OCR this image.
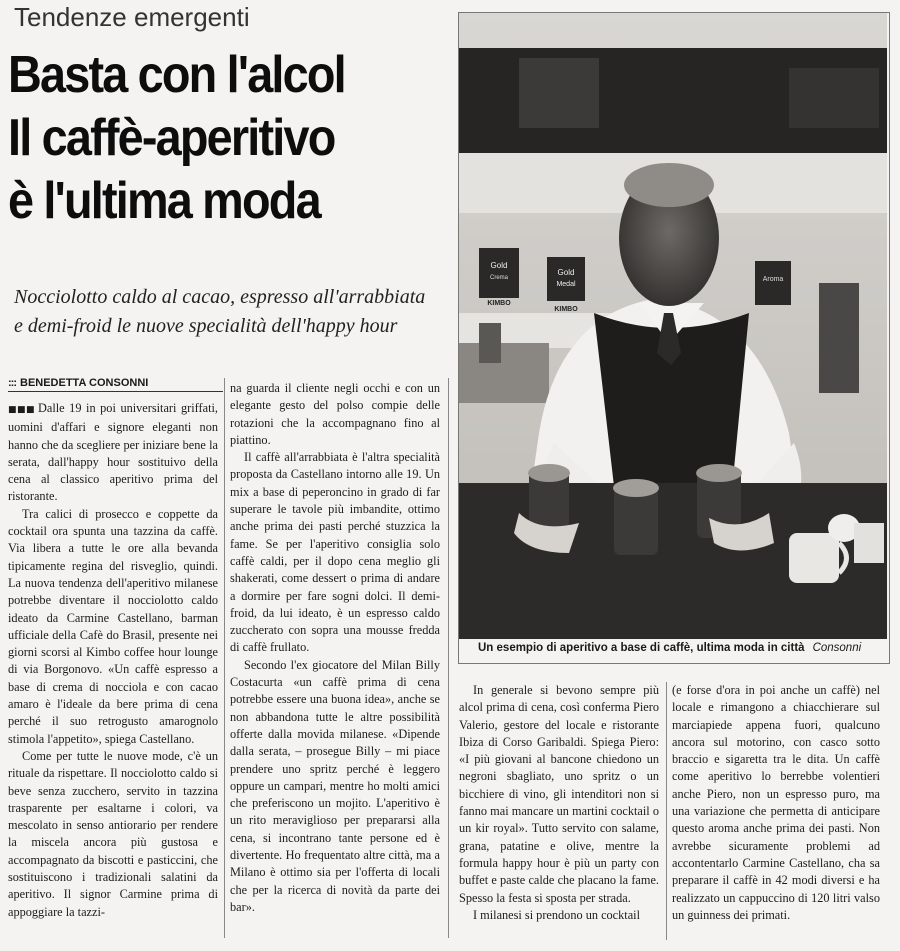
Tendenze emergenti
Basta con l'alcol
Il caffè-aperitivo
è l'ultima moda
Nocciolotto caldo al cacao, espresso all'arrabbiata
e demi-froid le nuove specialità dell'happy hour
::: BENEDETTA CONSONNI

■■■ Dalle 19 in poi universitari griffati, uomini d'affari e signore eleganti non hanno che da scegliere per iniziare bene la serata, dall'happy hour sostituivo della cena al classico aperitivo prima del ristorante.

Tra calici di prosecco e coppette da cocktail ora spunta una tazzina da caffè. Via libera a tutte le ore alla bevanda tipicamente regina del risveglio, quindi. La nuova tendenza dell'aperitivo milanese potrebbe diventare il nocciolotto caldo ideato da Carmine Castellano, barman ufficiale della Cafè do Brasil, presente nei giorni scorsi al Kimbo coffee hour lounge di via Borgonovo. «Un caffè espresso a base di crema di nocciola e con cacao amaro è l'ideale da bere prima di cena perché il suo retrogusto amarognolo stimola l'appetito», spiega Castellano.

Come per tutte le nuove mode, c'è un rituale da rispettare. Il nocciolotto caldo si beve senza zucchero, servito in tazzina trasparente per esaltarne i colori, va mescolato in senso antiorario per rendere la miscela ancora più gustosa e accompagnato da biscotti e pasticcini, che sostituiscono i tradizionali salatini da aperitivo. Il signor Carmine prima di appoggiare la tazzi-

na guarda il cliente negli occhi e con un elegante gesto del polso compie delle rotazioni che la accompagnano fino al piattino.

Il caffè all'arrabbiata è l'altra specialità proposta da Castellano intorno alle 19. Un mix a base di peperoncino in grado di far superare le tavole più imbandite, ottimo anche prima dei pasti perché stuzzica la fame. Se per l'aperitivo consiglia solo caffè caldi, per il dopo cena meglio gli shakerati, come dessert o prima di andare a dormire per fare sogni dolci. Il demi-froid, da lui ideato, è un espresso caldo zuccherato con sopra una mousse fredda di caffè frullato.

Secondo l'ex giocatore del Milan Billy Costacurta «un caffè prima di cena potrebbe essere una buona idea», anche se non abbandona tutte le altre possibilità offerte dalla movida milanese. «Dipende dalla serata, – prosegue Billy – mi piace prendere uno spritz perché è leggero oppure un campari, mentre ho molti amici che preferiscono un mojito. L'aperitivo è un rito meraviglioso per prepararsi alla cena, si incontrano tante persone ed è divertente. Ho frequentato altre città, ma a Milano è ottimo sia per l'offerta di locali che per la ricerca di novità da parte dei bar».

Gold
Crema
Gold
Medal
Aroma
KIMBO
KIMBO
Un esempio di aperitivo a base di caffè, ultima moda in città Consonni

In generale si bevono sempre più alcol prima di cena, così conferma Piero Valerio, gestore del locale e ristorante Ibiza di Corso Garibaldi. Spiega Piero: «I più giovani al bancone chiedono un negroni sbagliato, uno spritz o un bicchiere di vino, gli intenditori non si fanno mai mancare un martini cocktail o un kir royal». Tutto servito con salame, grana, patatine e olive, mentre la formula happy hour è più un party con buffet e paste calde che placano la fame. Spesso la festa si sposta per strada.

I milanesi si prendono un cocktail

(e forse d'ora in poi anche un caffè) nel locale e rimangono a chiacchierare sul marciapiede appena fuori, qualcuno ancora sul motorino, con casco sotto braccio e sigaretta tra le dita. Un caffè come aperitivo lo berrebbe volentieri anche Piero, non un espresso puro, ma una variazione che permetta di anticipare questo aroma anche prima dei pasti. Non avrebbe sicuramente problemi ad accontentarlo Carmine Castellano, cha sa preparare il caffè in 42 modi diversi e ha realizzato un cappuccino di 120 litri valso un guinness dei primati.
